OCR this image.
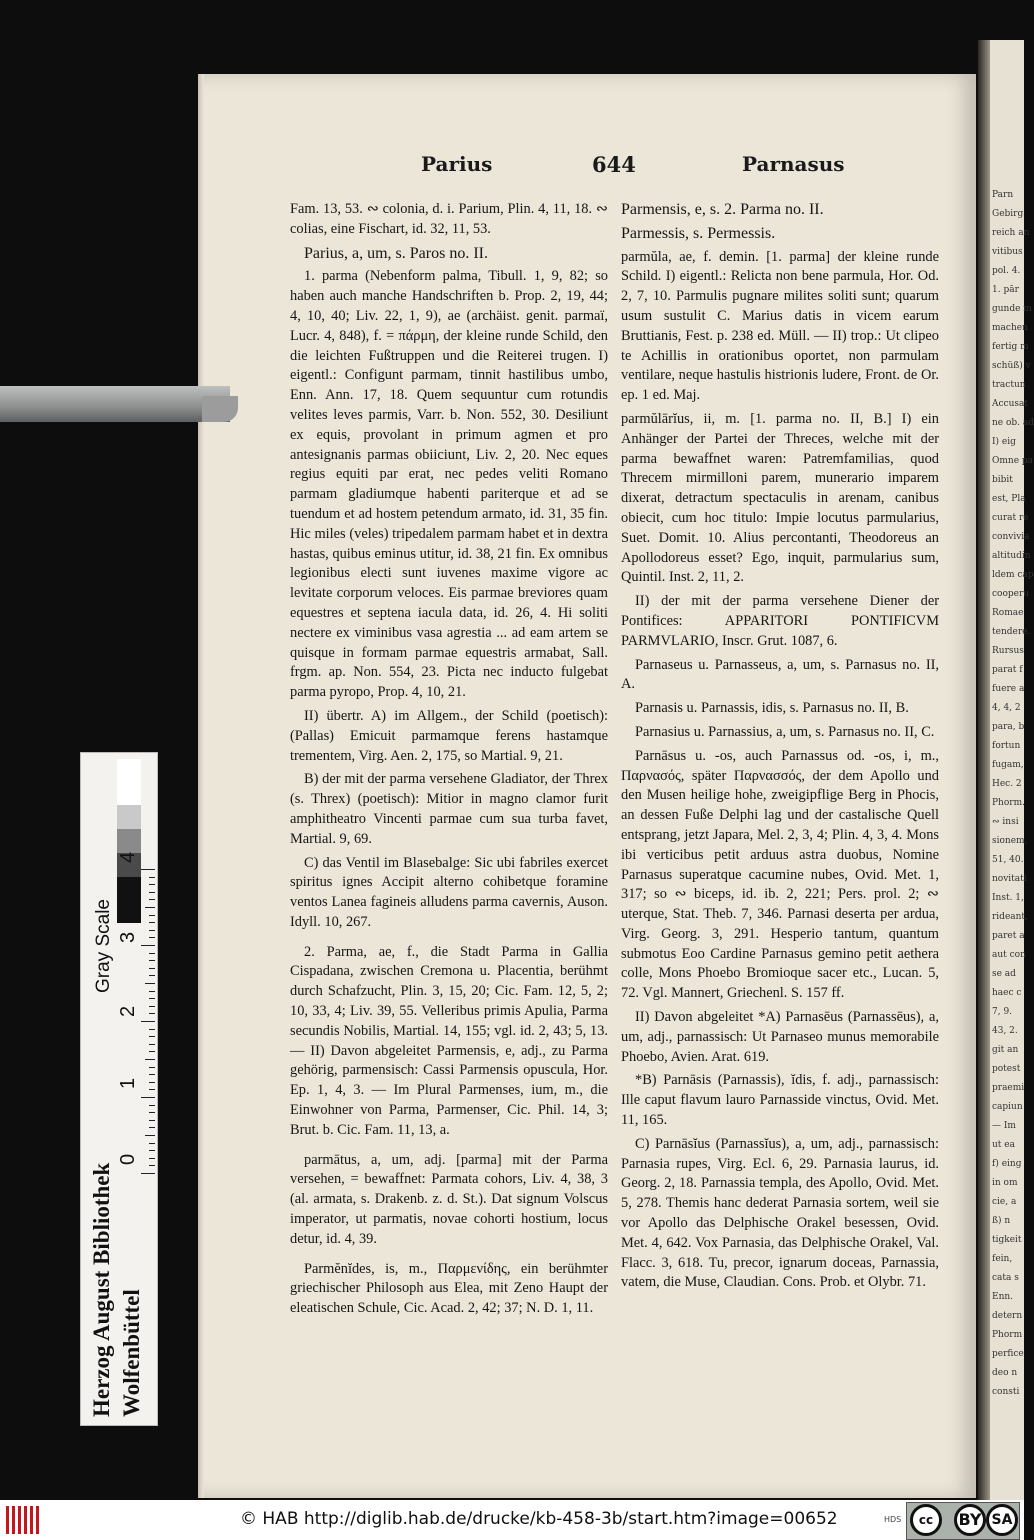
Parn
Gebirg
reich an
vitibus
pol. 4.
1. pār
gunde m
machen
fertig m
schüß) v
tractun
Accusat
ne ob. ad
I) eig
Omne pa
bibit
est, Pla
curat re
convivia
altitudin
ldem cap
cooperu
Romae
tendere.
Rursus
parat f
fuere a
4, 4, 2
para, b
fortun
fugam,
Hec. 2
Phorm.
∾ insi
sionem,
51, 40.
novitati
Inst. 1,
rideant,
paret a
aut con
se ad
haec c
7, 9.
43, 2.
git an
potest
praemi
capiun
— Im
ut ea
f) eing
in om
cie, a
ß) n
tigkeit
fein,
cata s
Enn.
detern
Phorm
perfice
deo n
consti
Parius	644	Parnasus

Fam. 13, 53. ∾ colonia, d. i. Parium, Plin. 4, 11, 18. ∾ colias, eine Fischart, id. 32, 11, 53.

Parius, a, um, s. Paros no. II.

1. parma (Nebenform palma, Tibull. 1, 9, 82; so haben auch manche Handschriften b. Prop. 2, 19, 44; 4, 10, 40; Liv. 22, 1, 9), ae (archäist. genit. parmaï, Lucr. 4, 848), f. = πάρμη, der kleine runde Schild, den die leichten Fußtruppen und die Reiterei trugen. I) eigentl.: Configunt parmam, tinnit hastilibus umbo, Enn. Ann. 17, 18. Quem sequuntur cum rotundis velites leves parmis, Varr. b. Non. 552, 30. Desiliunt ex equis, provolant in primum agmen et pro antesignanis parmas obiiciunt, Liv. 2, 20. Nec eques regius equiti par erat, nec pedes veliti Romano parmam gladiumque habenti pariterque et ad se tuendum et ad hostem petendum armato, id. 31, 35 fin. Hic miles (veles) tripedalem parmam habet et in dextra hastas, quibus eminus utitur, id. 38, 21 fin. Ex omnibus legionibus electi sunt iuvenes maxime vigore ac levitate corporum veloces. Eis parmae breviores quam equestres et septena iacula data, id. 26, 4. Hi soliti nectere ex viminibus vasa agrestia ... ad eam artem se quisque in formam parmae equestris armabat, Sall. frgm. ap. Non. 554, 23. Picta nec inducto fulgebat parma pyropo, Prop. 4, 10, 21.

II) übertr. A) im Allgem., der Schild (poetisch): (Pallas) Emicuit parmamque ferens hastamque trementem, Virg. Aen. 2, 175, so Martial. 9, 21.

B) der mit der parma versehene Gladiator, der Threx (s. Threx) (poetisch): Mitior in magno clamor furit amphitheatro Vincenti parmae cum sua turba favet, Martial. 9, 69.

C) das Ventil im Blasebalge: Sic ubi fabriles exercet spiritus ignes Accipit alterno cohibetque foramine ventos Lanea fagineis alludens parma cavernis, Auson. Idyll. 10, 267.

2. Parma, ae, f., die Stadt Parma in Gallia Cispadana, zwischen Cremona u. Placentia, berühmt durch Schafzucht, Plin. 3, 15, 20; Cic. Fam. 12, 5, 2; 10, 33, 4; Liv. 39, 55. Velleribus primis Apulia, Parma secundis Nobilis, Martial. 14, 155; vgl. id. 2, 43; 5, 13. — II) Davon abgeleitet Parmensis, e, adj., zu Parma gehörig, parmensisch: Cassi Parmensis opuscula, Hor. Ep. 1, 4, 3. — Im Plural Parmenses, ium, m., die Einwohner von Parma, Parmenser, Cic. Phil. 14, 3; Brut. b. Cic. Fam. 11, 13, a.

parmātus, a, um, adj. [parma] mit der Parma versehen, = bewaffnet: Parmata cohors, Liv. 4, 38, 3 (al. armata, s. Drakenb. z. d. St.). Dat signum Volscus imperator, ut parmatis, novae cohorti hostium, locus detur, id. 4, 39.

Parmĕnĭdes, is, m., Παρμενίδης, ein berühmter griechischer Philosoph aus Elea, mit Zeno Haupt der eleatischen Schule, Cic. Acad. 2, 42; 37; N. D. 1, 11.

Parmensis, e, s. 2. Parma no. II.

Parmessis, s. Permessis.

parmŭla, ae, f. demin. [1. parma] der kleine runde Schild. I) eigentl.: Relicta non bene parmula, Hor. Od. 2, 7, 10. Parmulis pugnare milites soliti sunt; quarum usum sustulit C. Marius datis in vicem earum Bruttianis, Fest. p. 238 ed. Müll. — II) trop.: Ut clipeo te Achillis in orationibus oportet, non parmulam ventilare, neque hastulis histrionis ludere, Front. de Or. ep. 1 ed. Maj.

parmŭlārĭus, ii, m. [1. parma no. II, B.] I) ein Anhänger der Partei der Threces, welche mit der parma bewaffnet waren: Patremfamilias, quod Threcem mirmilloni parem, munerario imparem dixerat, detractum spectaculis in arenam, canibus obiecit, cum hoc titulo: Impie locutus parmularius, Suet. Domit. 10. Alius percontanti, Theodoreus an Apollodoreus esset? Ego, inquit, parmularius sum, Quintil. Inst. 2, 11, 2.

II) der mit der parma versehene Diener der Pontifices: APPARITORI PONTIFICVM PARMVLARIO, Inscr. Grut. 1087, 6.

Parnaseus u. Parnasseus, a, um, s. Parnasus no. II, A.

Parnasis u. Parnassis, idis, s. Parnasus no. II, B.

Parnasius u. Parnassius, a, um, s. Parnasus no. II, C.

Parnāsus u. -os, auch Parnassus od. -os, i, m., Παρνασός, später Παρνασσός, der dem Apollo und den Musen heilige hohe, zweigipflige Berg in Phocis, an dessen Fuße Delphi lag und der castalische Quell entsprang, jetzt Japara, Mel. 2, 3, 4; Plin. 4, 3, 4. Mons ibi verticibus petit arduus astra duobus, Nomine Parnasus superatque cacumine nubes, Ovid. Met. 1, 317; so ∾ biceps, id. ib. 2, 221; Pers. prol. 2; ∾ uterque, Stat. Theb. 7, 346. Parnasi deserta per ardua, Virg. Georg. 3, 291. Hesperio tantum, quantum submotus Eoo Cardine Parnasus gemino petit aethera colle, Mons Phoebo Bromioque sacer etc., Lucan. 5, 72. Vgl. Mannert, Griechenl. S. 157 ff.

II) Davon abgeleitet *A) Parnasēus (Parnassēus), a, um, adj., parnassisch: Ut Parnaseo munus memorabile Phoebo, Avien. Arat. 619.

*B) Parnāsis (Parnassis), ĭdis, f. adj., parnassisch: Ille caput flavum lauro Parnasside vinctus, Ovid. Met. 11, 165.

C) Parnāsĭus (Parnassĭus), a, um, adj., parnassisch: Parnasia rupes, Virg. Ecl. 6, 29. Parnasia laurus, id. Georg. 2, 18. Parnassia templa, des Apollo, Ovid. Met. 5, 278. Themis hanc dederat Parnasia sortem, weil sie vor Apollo das Delphische Orakel besessen, Ovid. Met. 4, 642. Vox Parnasia, das Delphische Orakel, Val. Flacc. 3, 618. Tu, precor, ignarum doceas, Parnassia, vatem, die Muse, Claudian. Cons. Prob. et Olybr. 71.

Gray Scale
0
1
2
3
4
Herzog August Bibliothek Wolfenbüttel
© HAB http://diglib.hab.de/drucke/kb-458-3b/start.htm?image=00652	HDS	cc	BY SA
